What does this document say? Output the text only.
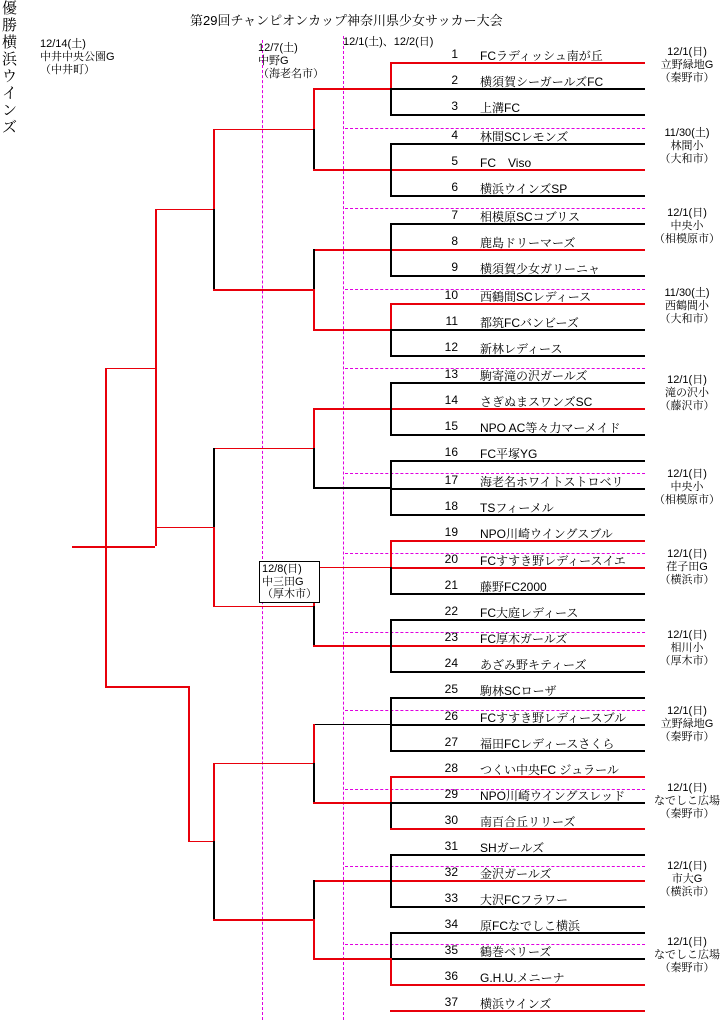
第29回チャンピオンカップ神奈川県少女サッカー大会
1 FCラディッシュ南が丘
2 横須賀シーガールズFC
3 上溝FC
4 林間SCレモンズ
5 FC　Viso
6 横浜ウインズSP
7 相模原SCコブリス
8 鹿島ドリーマーズ
9 横須賀少女ガリーニャ
10 西鶴間SCレディース
11 都筑FCバンビーズ
12 新林レディース
13 駒寄滝の沢ガールズ
14 さぎぬまスワンズSC
15 NPO AC等々力マーメイド
16 FC平塚YG
17 海老名ホワイトストロベリ
18 TSフィーメル
19 NPO川崎ウイングスブル
20 FCすすき野レディースイエ
21 藤野FC2000
22 FC大庭レディース
23 FC厚木ガールズ
24 あざみ野キティーズ
25 駒林SCローザ
26 FCすすき野レディースブル
27 福田FCレディースさくら
28 つくい中央FC ジュラール
29 NPO川崎ウイングスレッド
30 南百合丘リリーズ
31 SHガールズ
32 金沢ガールズ
33 大沢FCフラワー
34 原FCなでしこ横浜
35 鶴巻ベリーズ
36 G.H.U.メニーナ
37 横浜ウインズ
12/1(日)
立野緑地G
（秦野市）
11/30(土)
林間小
（大和市）
12/1(日)
中央小
（相模原市）
11/30(土)
西鶴間小
（大和市）
12/1(日)
滝の沢小
（藤沢市）
12/1(日)
中央小
（相模原市）
12/1(日)
荏子田G
（横浜市）
12/1(日)
相川小
（厚木市）
12/1(日)
立野緑地G
（秦野市）
12/1(日)
なでしこ広場
（秦野市）
12/1(日)
市大G
（横浜市）
12/1(日)
なでしこ広場
（秦野市）
12/14(土)
中井中央公園G
（中井町）
12/7(土)
中野G
（海老名市）
12/1(土)、12/2(日)
12/8(日)
中三田G
（厚木市）
優
勝
横
浜
ウ
イ
ン
ズ
